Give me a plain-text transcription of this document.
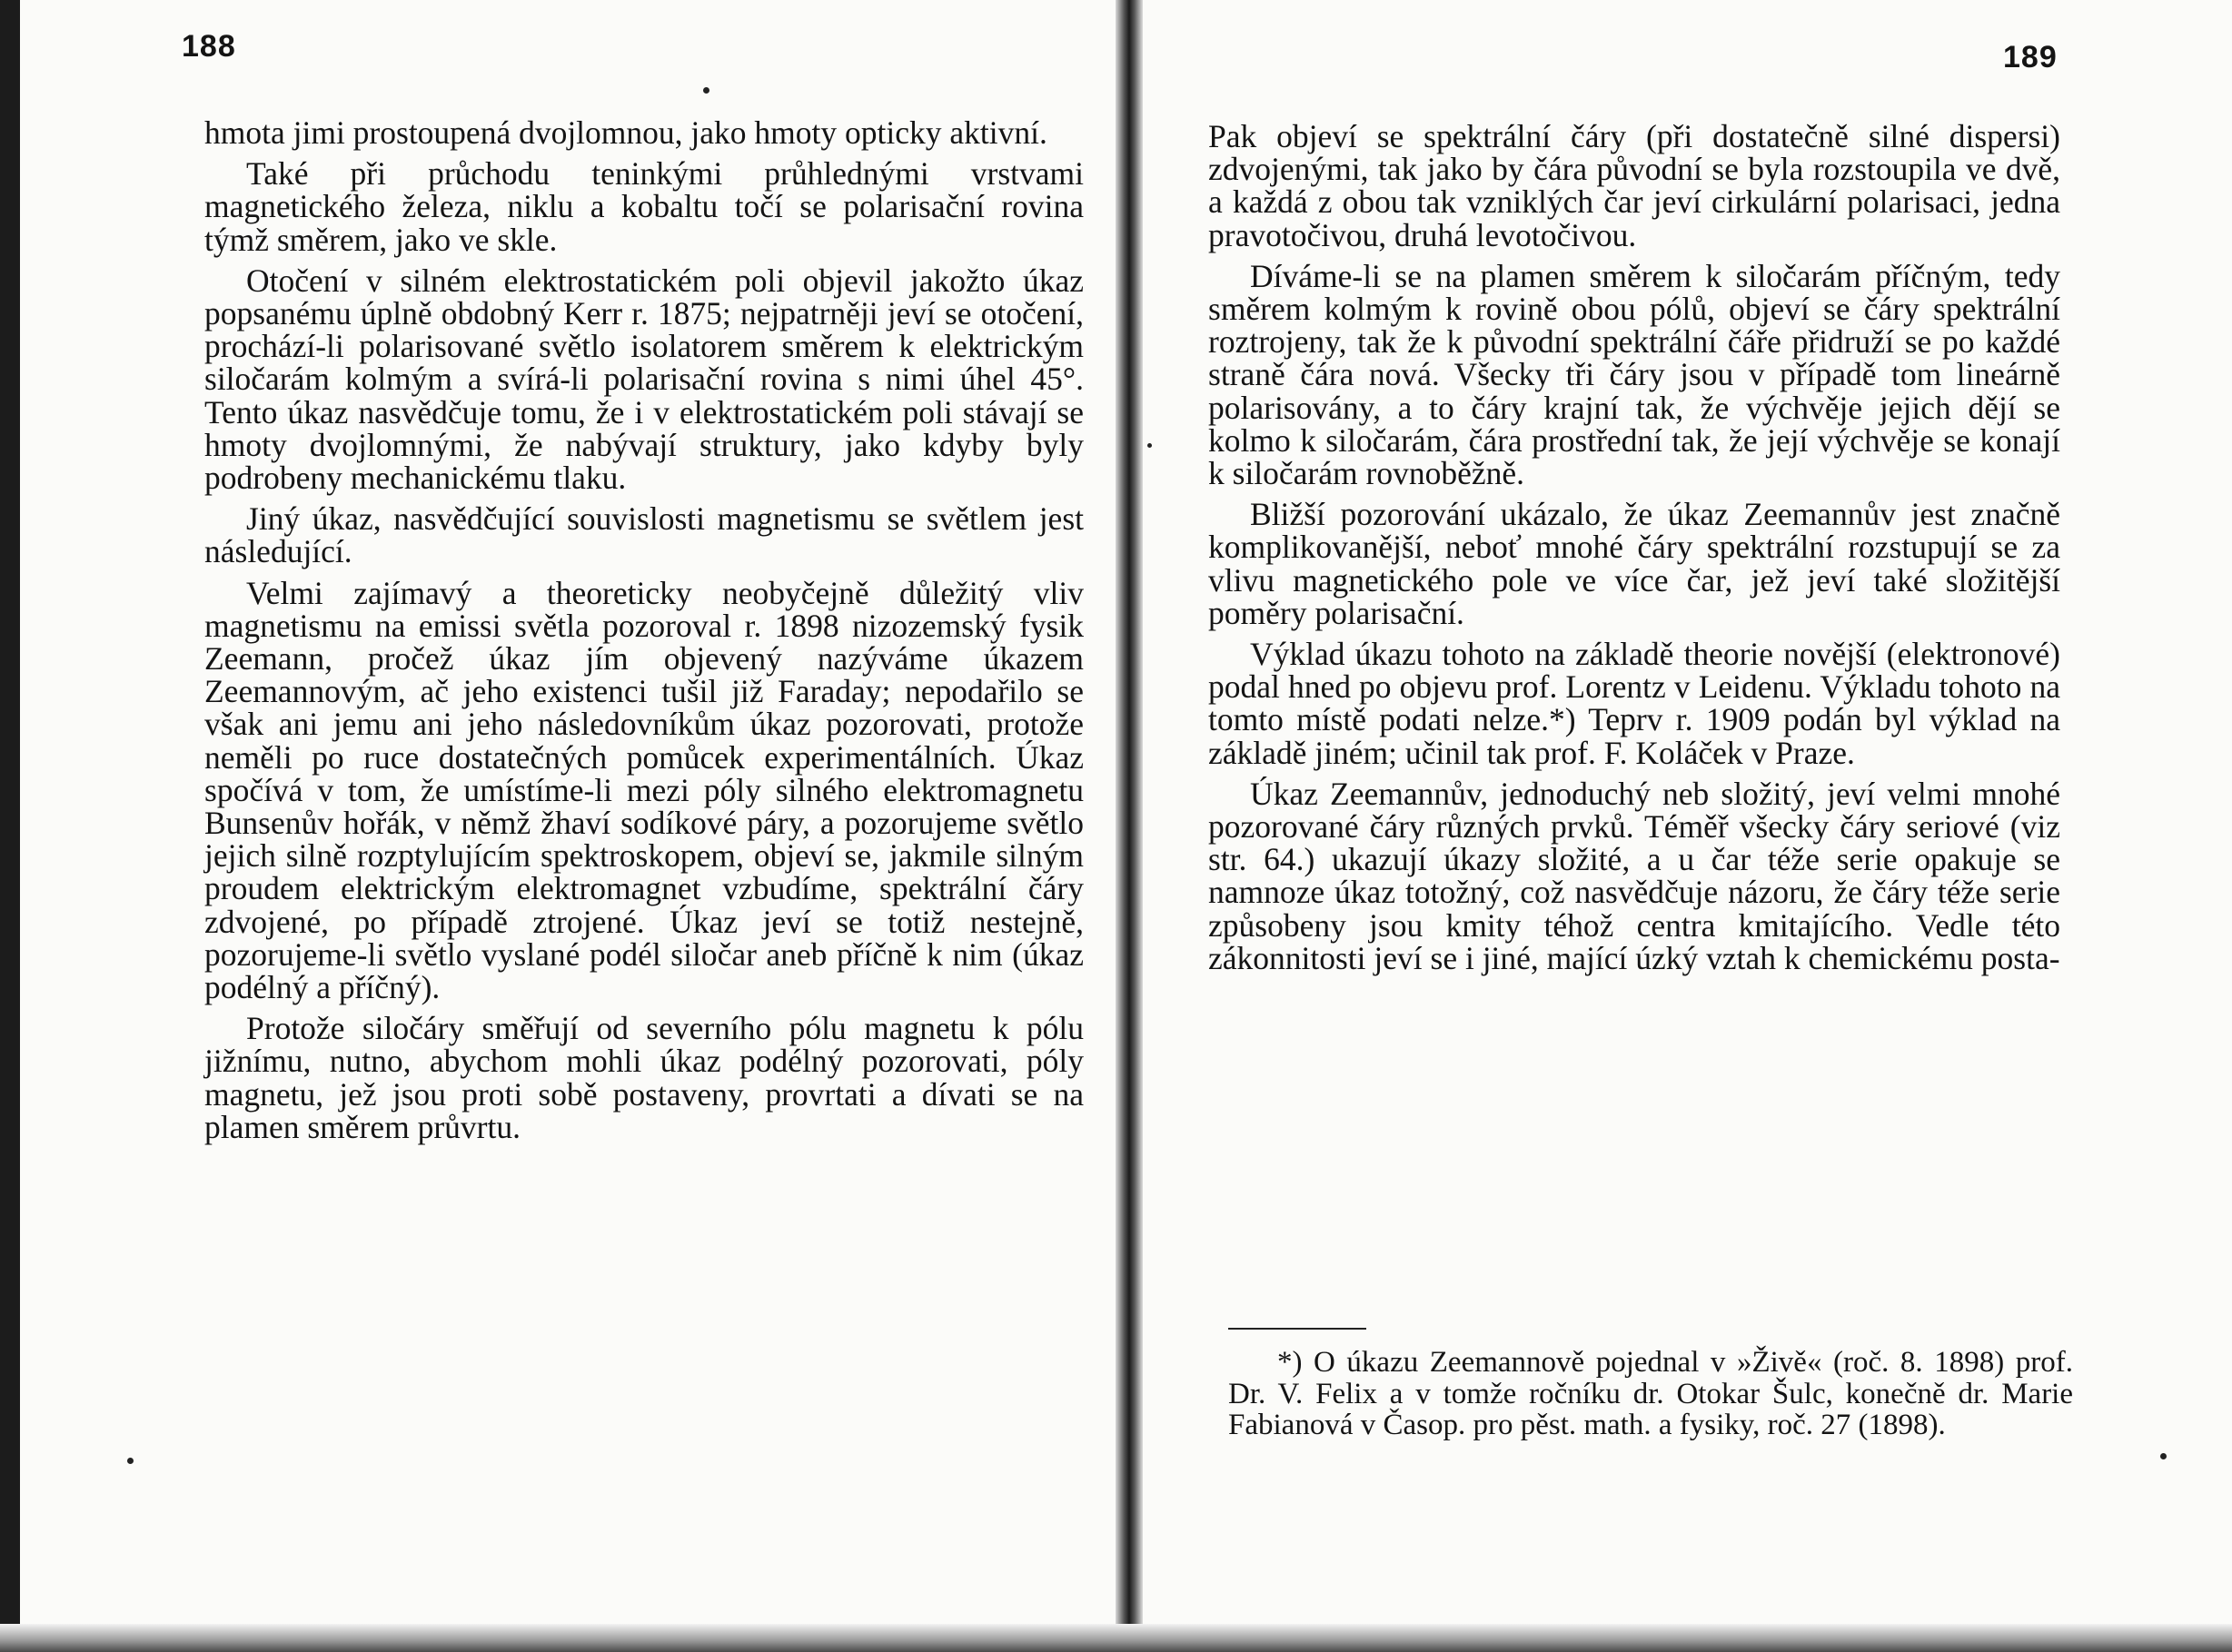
188	189

hmota jimi prostoupená dvojlomnou, jako hmoty opticky aktivní.

Také při průchodu teninkými průhlednými vrstvami magnetického železa, niklu a kobaltu točí se polarisační rovina týmž směrem, jako ve skle.

Otočení v silném elektrostatickém poli objevil jakožto úkaz popsanému úplně obdobný Kerr r. 1875; nejpatrněji jeví se otočení, prochází-li polarisované světlo isolatorem směrem k elektrickým siločarám kolmým a svírá-li polarisační rovina s nimi úhel 45°. Tento úkaz nasvědčuje tomu, že i v elektrostatickém poli stávají se hmoty dvojlomnými, že nabývají struktury, jako kdyby byly podrobeny mechanickému tlaku.

Jiný úkaz, nasvědčující souvislosti magnetismu se světlem jest následující.

Velmi zajímavý a theoreticky neobyčejně důležitý vliv magnetismu na emissi světla pozoroval r. 1898 nizozemský fysik Zeemann, pročež úkaz jím objevený nazýváme úkazem Zeemannovým, ač jeho existenci tušil již Faraday; nepodařilo se však ani jemu ani jeho následovníkům úkaz pozorovati, protože neměli po ruce dostatečných pomůcek experimentálních. Úkaz spočívá v tom, že umístíme-li mezi póly silného elektromagnetu Bunsenův hořák, v němž žhaví sodíkové páry, a pozorujeme světlo jejich silně rozptylujícím spektroskopem, objeví se, jakmile silným proudem elektrickým elektromagnet vzbudíme, spektrální čáry zdvojené, po případě ztrojené. Úkaz jeví se totiž nestejně, pozorujeme-li světlo vyslané podél siločar aneb příčně k nim (úkaz podélný a příčný).

Protože siločáry směřují od severního pólu magnetu k pólu jižnímu, nutno, abychom mohli úkaz podélný pozorovati, póly magnetu, jež jsou proti sobě postaveny, provrtati a dívati se na plamen směrem průvrtu.

Pak objeví se spektrální čáry (při dostatečně silné dispersi) zdvojenými, tak jako by čára původní se byla rozstoupila ve dvě, a každá z obou tak vzniklých čar jeví cirkulární polarisaci, jedna pravotočivou, druhá levotočivou.

Díváme-li se na plamen směrem k siločarám příčným, tedy směrem kolmým k rovině obou pólů, objeví se čáry spektrální roztrojeny, tak že k původní spektrální čáře přidruží se po každé straně čára nová. Všecky tři čáry jsou v případě tom lineárně polarisovány, a to čáry krajní tak, že výchvěje jejich dějí se kolmo k siločarám, čára prostřední tak, že její výchvěje se konají k siločarám rovnoběžně.

Bližší pozorování ukázalo, že úkaz Zeemannův jest značně komplikovanější, neboť mnohé čáry spektrální rozstupují se za vlivu magnetického pole ve více čar, jež jeví také složitější poměry polarisační.

Výklad úkazu tohoto na základě theorie novější (elektronové) podal hned po objevu prof. Lorentz v Leidenu. Výkladu tohoto na tomto místě podati nelze.*) Teprv r. 1909 podán byl výklad na základě jiném; učinil tak prof. F. Koláček v Praze.

Úkaz Zeemannův, jednoduchý neb složitý, jeví velmi mnohé pozorované čáry různých prvků. Téměř všecky čáry seriové (viz str. 64.) ukazují úkazy složité, a u čar téže serie opakuje se namnoze úkaz totožný, což nasvědčuje názoru, že čáry téže serie způsobeny jsou kmity téhož centra kmitajícího. Vedle této zákonnitosti jeví se i jiné, mající úzký vztah k chemickému posta-

*) O úkazu Zeemannově pojednal v »Živě« (roč. 8. 1898) prof. Dr. V. Felix a v tomže ročníku dr. Otokar Šulc, konečně dr. Marie Fabianová v Časop. pro pěst. math. a fysiky, roč. 27 (1898).
